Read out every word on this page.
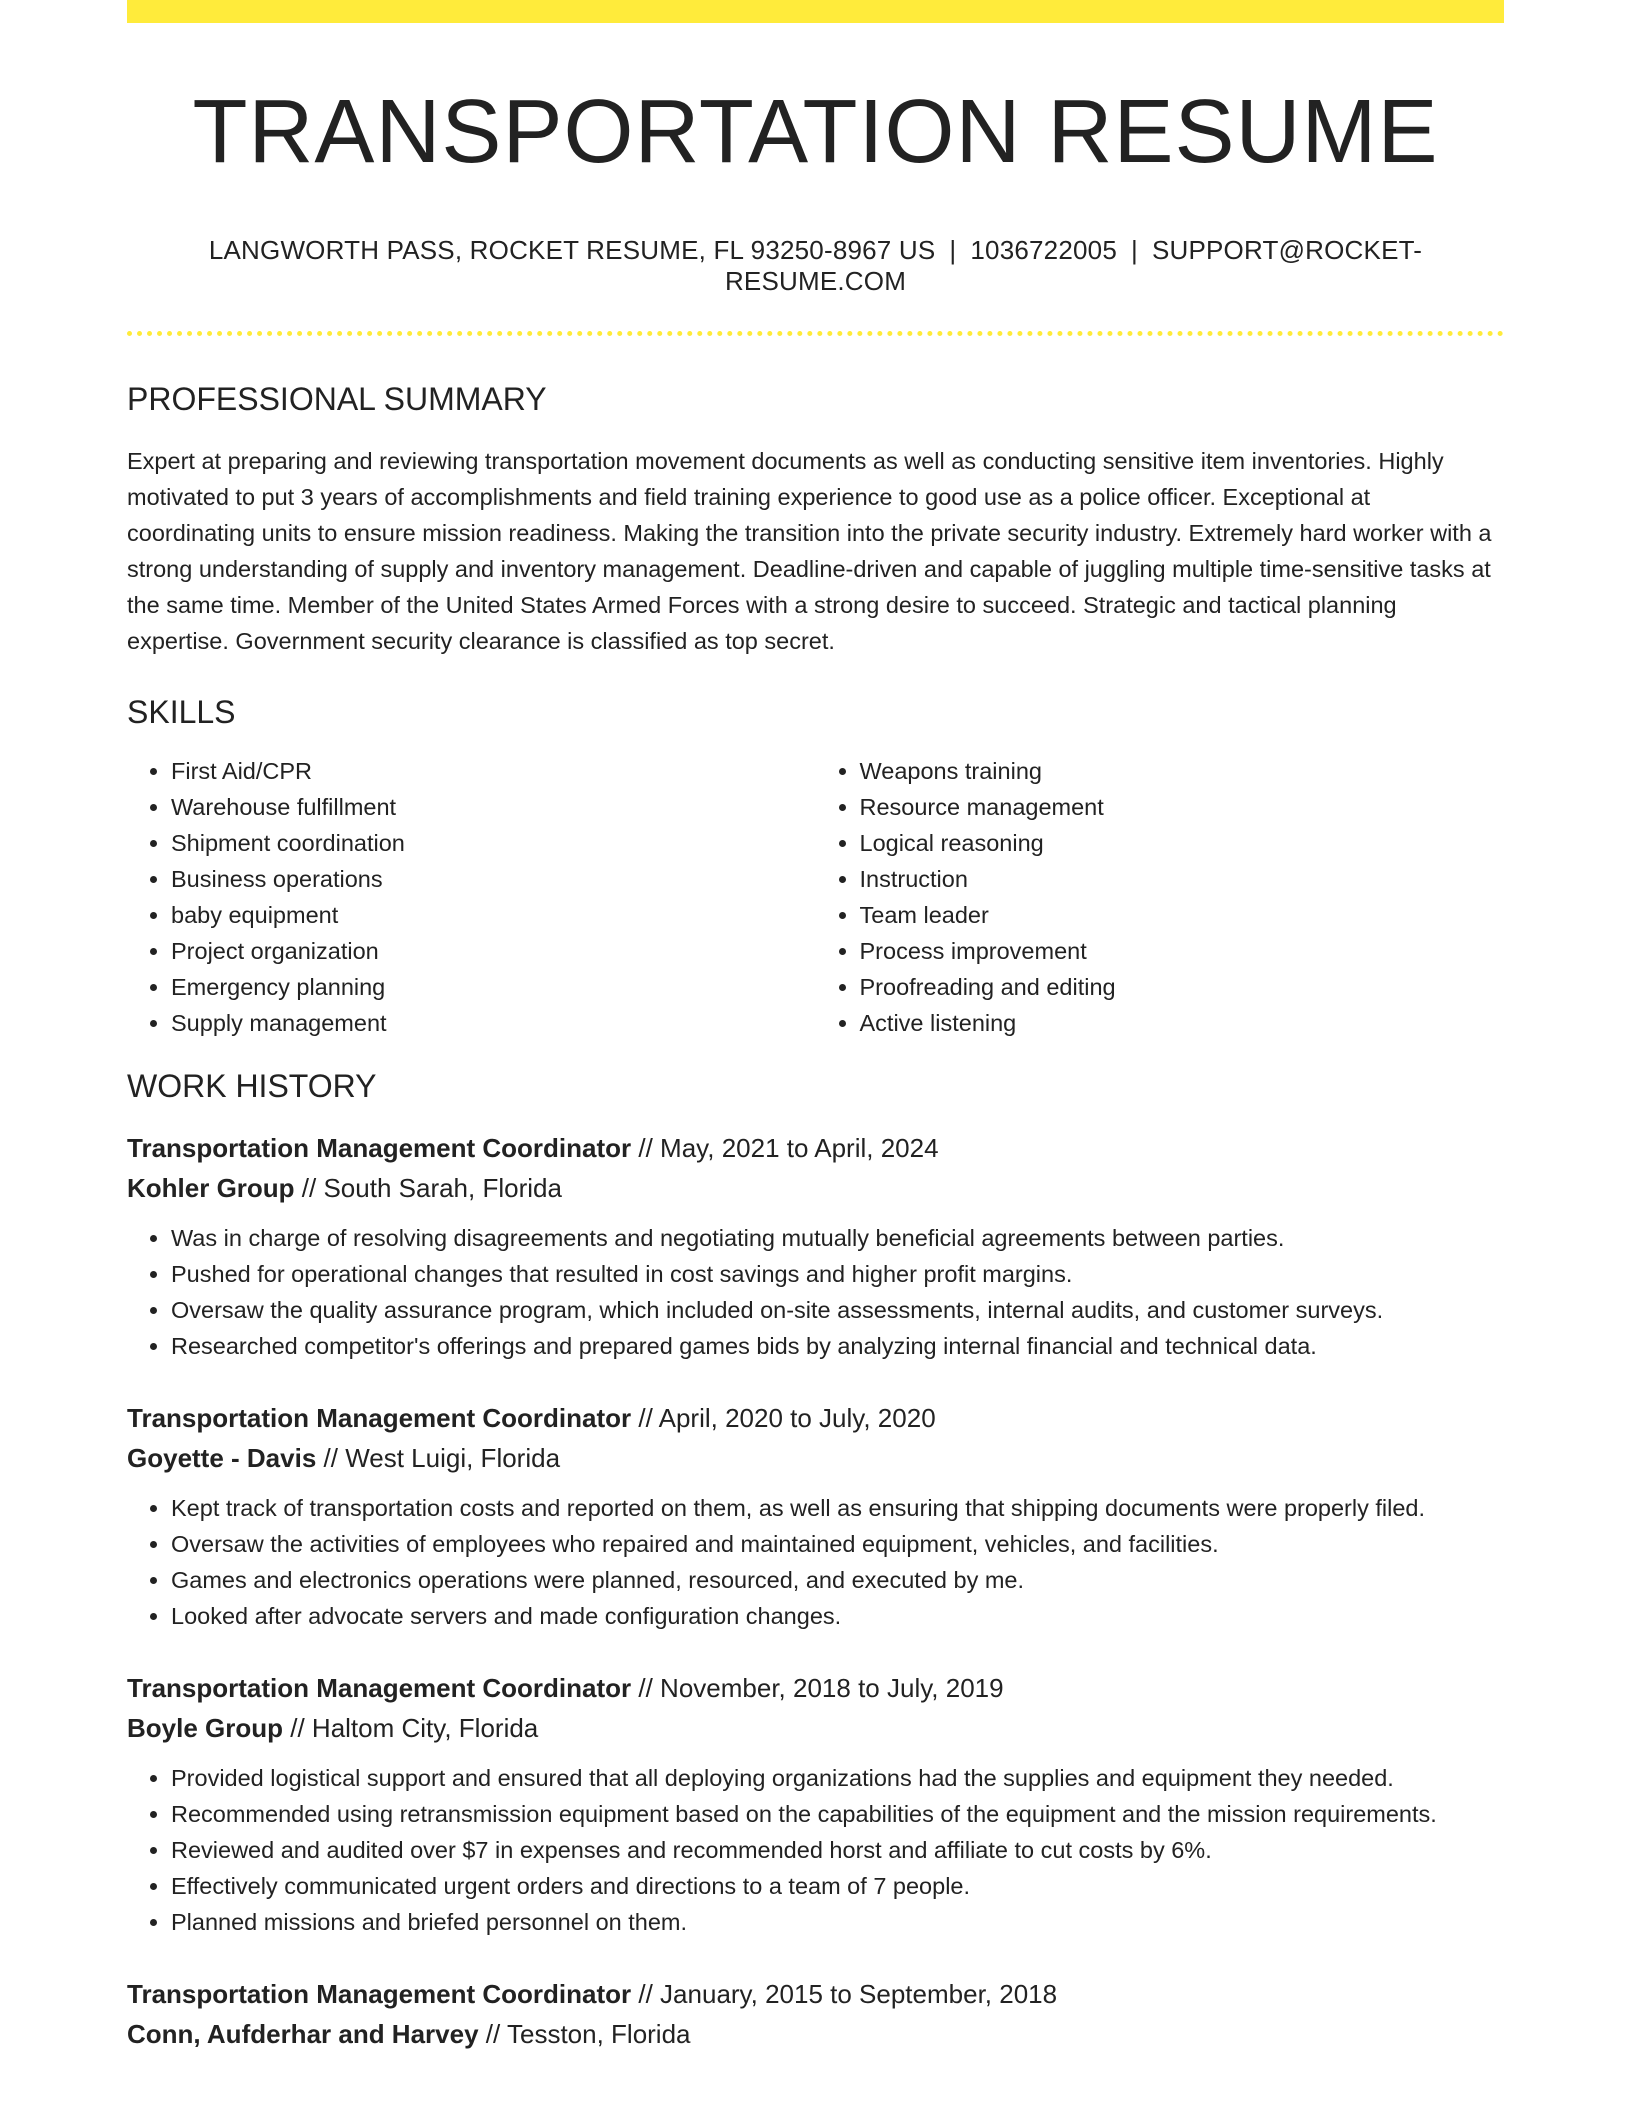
TRANSPORTATION RESUME
LANGWORTH PASS, ROCKET RESUME, FL 93250-8967 US | 1036722005 | SUPPORT@ROCKET-RESUME.COM
PROFESSIONAL SUMMARY
Expert at preparing and reviewing transportation movement documents as well as conducting sensitive item inventories. Highly motivated to put 3 years of accomplishments and field training experience to good use as a police officer. Exceptional at coordinating units to ensure mission readiness. Making the transition into the private security industry. Extremely hard worker with a strong understanding of supply and inventory management. Deadline-driven and capable of juggling multiple time-sensitive tasks at the same time. Member of the United States Armed Forces with a strong desire to succeed. Strategic and tactical planning expertise. Government security clearance is classified as top secret.
SKILLS
• First Aid/CPR
• Warehouse fulfillment
• Shipment coordination
• Business operations
• baby equipment
• Project organization
• Emergency planning
• Supply management
• Weapons training
• Resource management
• Logical reasoning
• Instruction
• Team leader
• Process improvement
• Proofreading and editing
• Active listening
WORK HISTORY
Transportation Management Coordinator // May, 2021 to April, 2024
Kohler Group // South Sarah, Florida
• Was in charge of resolving disagreements and negotiating mutually beneficial agreements between parties.
• Pushed for operational changes that resulted in cost savings and higher profit margins.
• Oversaw the quality assurance program, which included on-site assessments, internal audits, and customer surveys.
• Researched competitor's offerings and prepared games bids by analyzing internal financial and technical data.
Transportation Management Coordinator // April, 2020 to July, 2020
Goyette - Davis // West Luigi, Florida
• Kept track of transportation costs and reported on them, as well as ensuring that shipping documents were properly filed.
• Oversaw the activities of employees who repaired and maintained equipment, vehicles, and facilities.
• Games and electronics operations were planned, resourced, and executed by me.
• Looked after advocate servers and made configuration changes.
Transportation Management Coordinator // November, 2018 to July, 2019
Boyle Group // Haltom City, Florida
• Provided logistical support and ensured that all deploying organizations had the supplies and equipment they needed.
• Recommended using retransmission equipment based on the capabilities of the equipment and the mission requirements.
• Reviewed and audited over $7 in expenses and recommended horst and affiliate to cut costs by 6%.
• Effectively communicated urgent orders and directions to a team of 7 people.
• Planned missions and briefed personnel on them.
Transportation Management Coordinator // January, 2015 to September, 2018
Conn, Aufderhar and Harvey // Tesston, Florida
